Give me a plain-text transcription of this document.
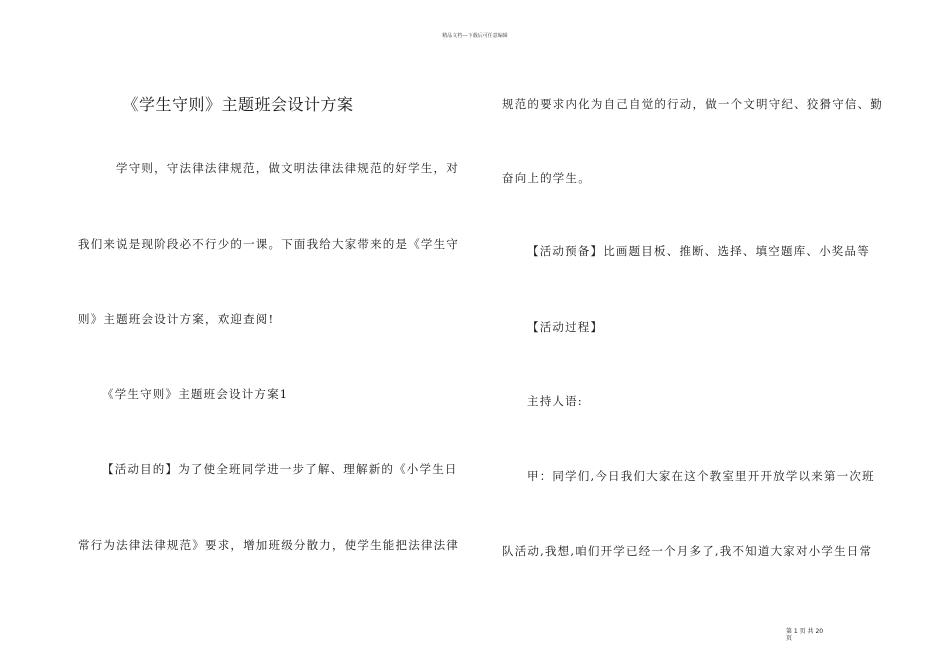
精品文档---下载后可任意编辑
《学生守则》主题班会设计方案
学守则，守法律法律规范，做文明法律法律规范的好学生，对
我们来说是现阶段必不行少的一课。下面我给大家带来的是《学生守
则》主题班会设计方案，欢迎查阅!
《学生守则》主题班会设计方案1
【活动目的】为了使全班同学进一步了解、理解新的《小学生日
常行为法律法律规范》要求，增加班级分散力，使学生能把法律法律
规范的要求内化为自己自觉的行动，做一个文明守纪、狡猾守信、勤
奋向上的学生。
【活动预备】比画题目板、推断、选择、填空题库、小奖品等
【活动过程】
主持人语:
甲：同学们,今日我们大家在这个教室里开开放学以来第一次班
队活动,我想,咱们开学已经一个月多了,我不知道大家对小学生日常
第 1 页 共 20
页
